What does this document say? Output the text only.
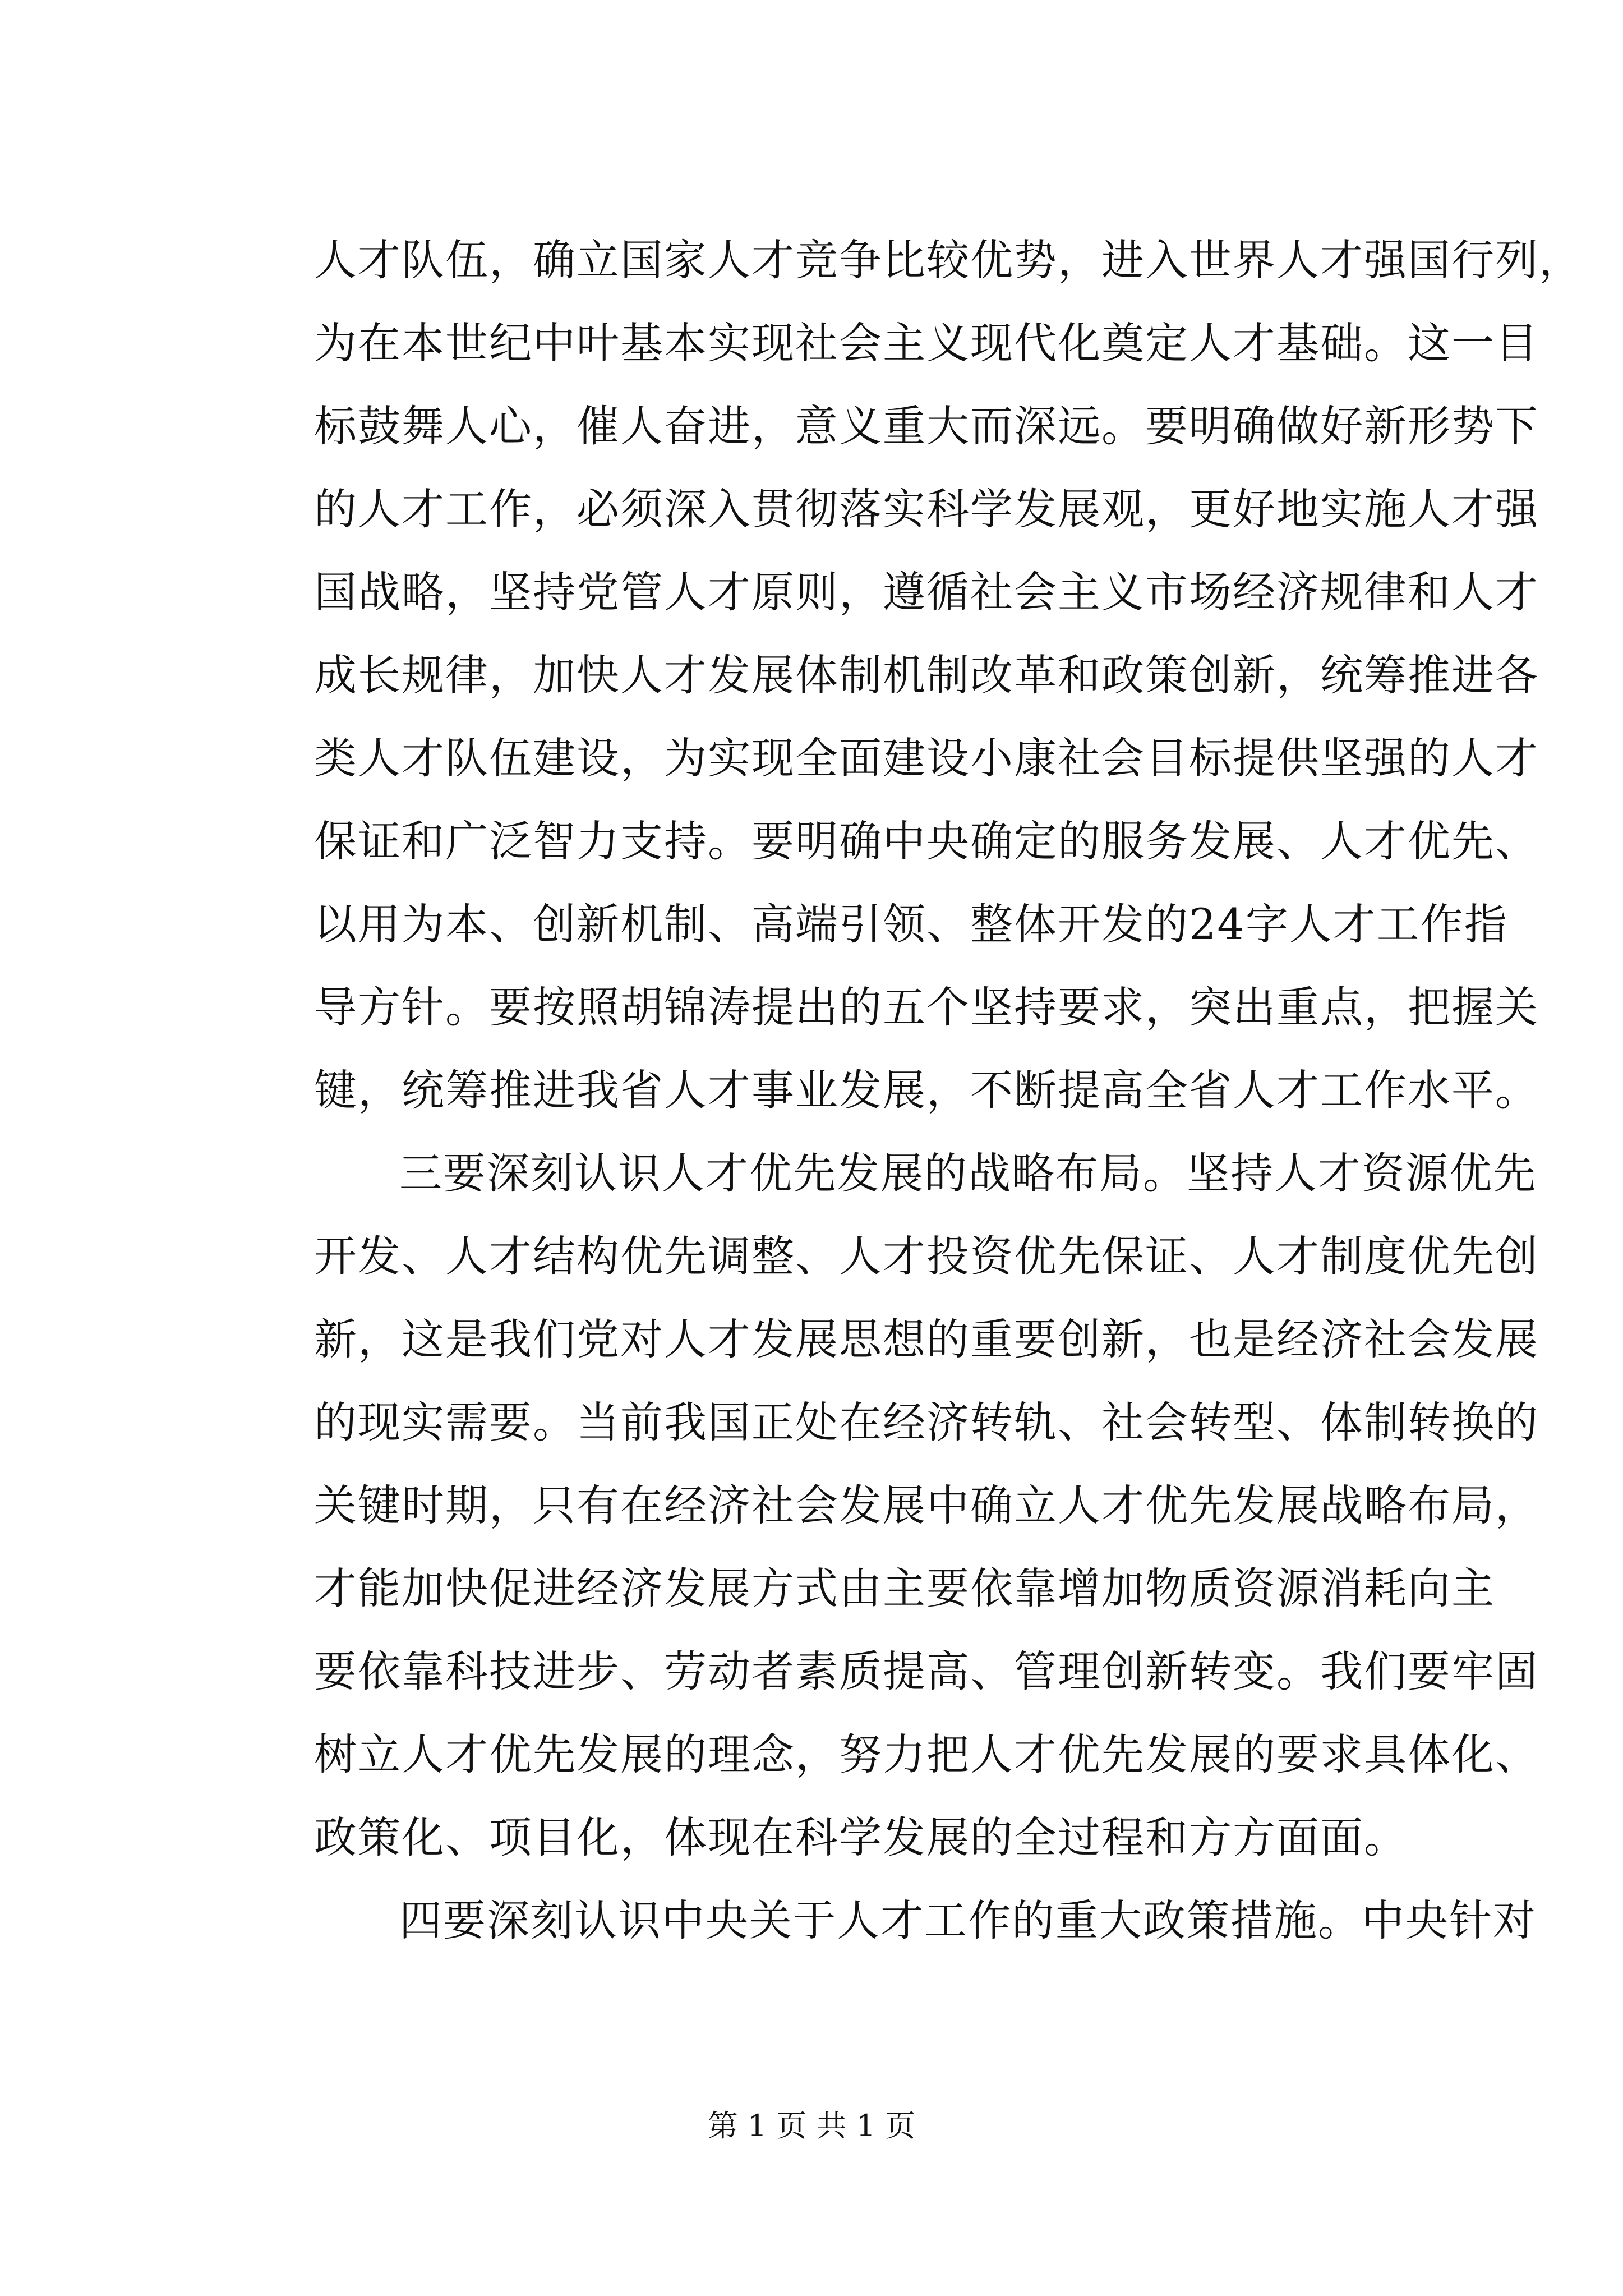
人才队伍，确立国家人才竞争比较优势，进入世界人才强国行列，
为在本世纪中叶基本实现社会主义现代化奠定人才基础。这一目
标鼓舞人心，催人奋进，意义重大而深远。要明确做好新形势下
的人才工作，必须深入贯彻落实科学发展观，更好地实施人才强
国战略，坚持党管人才原则，遵循社会主义市场经济规律和人才
成长规律，加快人才发展体制机制改革和政策创新，统筹推进各
类人才队伍建设，为实现全面建设小康社会目标提供坚强的人才
保证和广泛智力支持。要明确中央确定的服务发展、人才优先、
以用为本、创新机制、高端引领、整体开发的24字人才工作指
导方针。要按照胡锦涛提出的五个坚持要求，突出重点，把握关
键，统筹推进我省人才事业发展，不断提高全省人才工作水平。
三要深刻认识人才优先发展的战略布局。坚持人才资源优先
开发、人才结构优先调整、人才投资优先保证、人才制度优先创
新，这是我们党对人才发展思想的重要创新，也是经济社会发展
的现实需要。当前我国正处在经济转轨、社会转型、体制转换的
关键时期，只有在经济社会发展中确立人才优先发展战略布局，
才能加快促进经济发展方式由主要依靠增加物质资源消耗向主
要依靠科技进步、劳动者素质提高、管理创新转变。我们要牢固
树立人才优先发展的理念，努力把人才优先发展的要求具体化、
政策化、项目化，体现在科学发展的全过程和方方面面。
四要深刻认识中央关于人才工作的重大政策措施。中央针对
第 1 页 共 1 页
